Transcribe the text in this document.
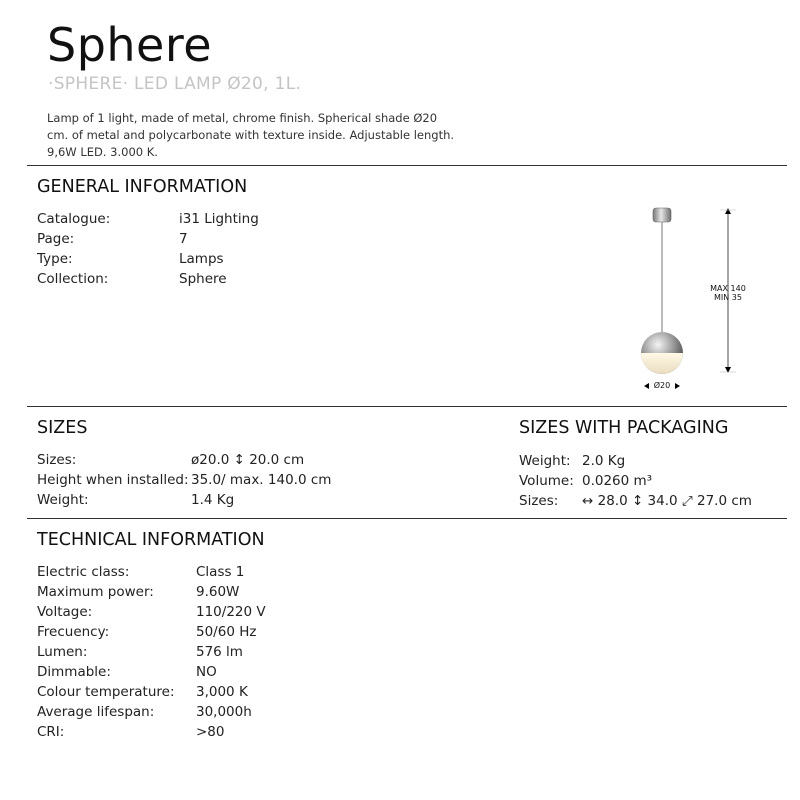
Sphere
·SPHERE· LED LAMP Ø20, 1L.
Lamp of 1 light, made of metal, chrome finish. Spherical shade Ø20 cm. of metal and polycarbonate with texture inside. Adjustable length. 9,6W LED. 3.000 K.
GENERAL INFORMATION
Catalogue:	i31 Lighting
Page:	7
Type:	Lamps
Collection:	Sphere
MAX 140
MIN 35
Ø20
SIZES
Sizes:	ø20.0 ↕ 20.0 cm
Height when installed: 35.0/ max. 140.0 cm
Weight:	1.4 Kg
SIZES WITH PACKAGING
Weight: 2.0 Kg
Volume: 0.0260 m³
Sizes: ↔ 28.0 ↕ 34.0 ⤢ 27.0 cm
TECHNICAL INFORMATION
Electric class:	Class 1
Maximum power:	9.60W
Voltage:	110/220 V
Frecuency:	50/60 Hz
Lumen:	576 lm
Dimmable:	NO
Colour temperature: 3,000 K
Average lifespan:	30,000h
CRI:	>80
